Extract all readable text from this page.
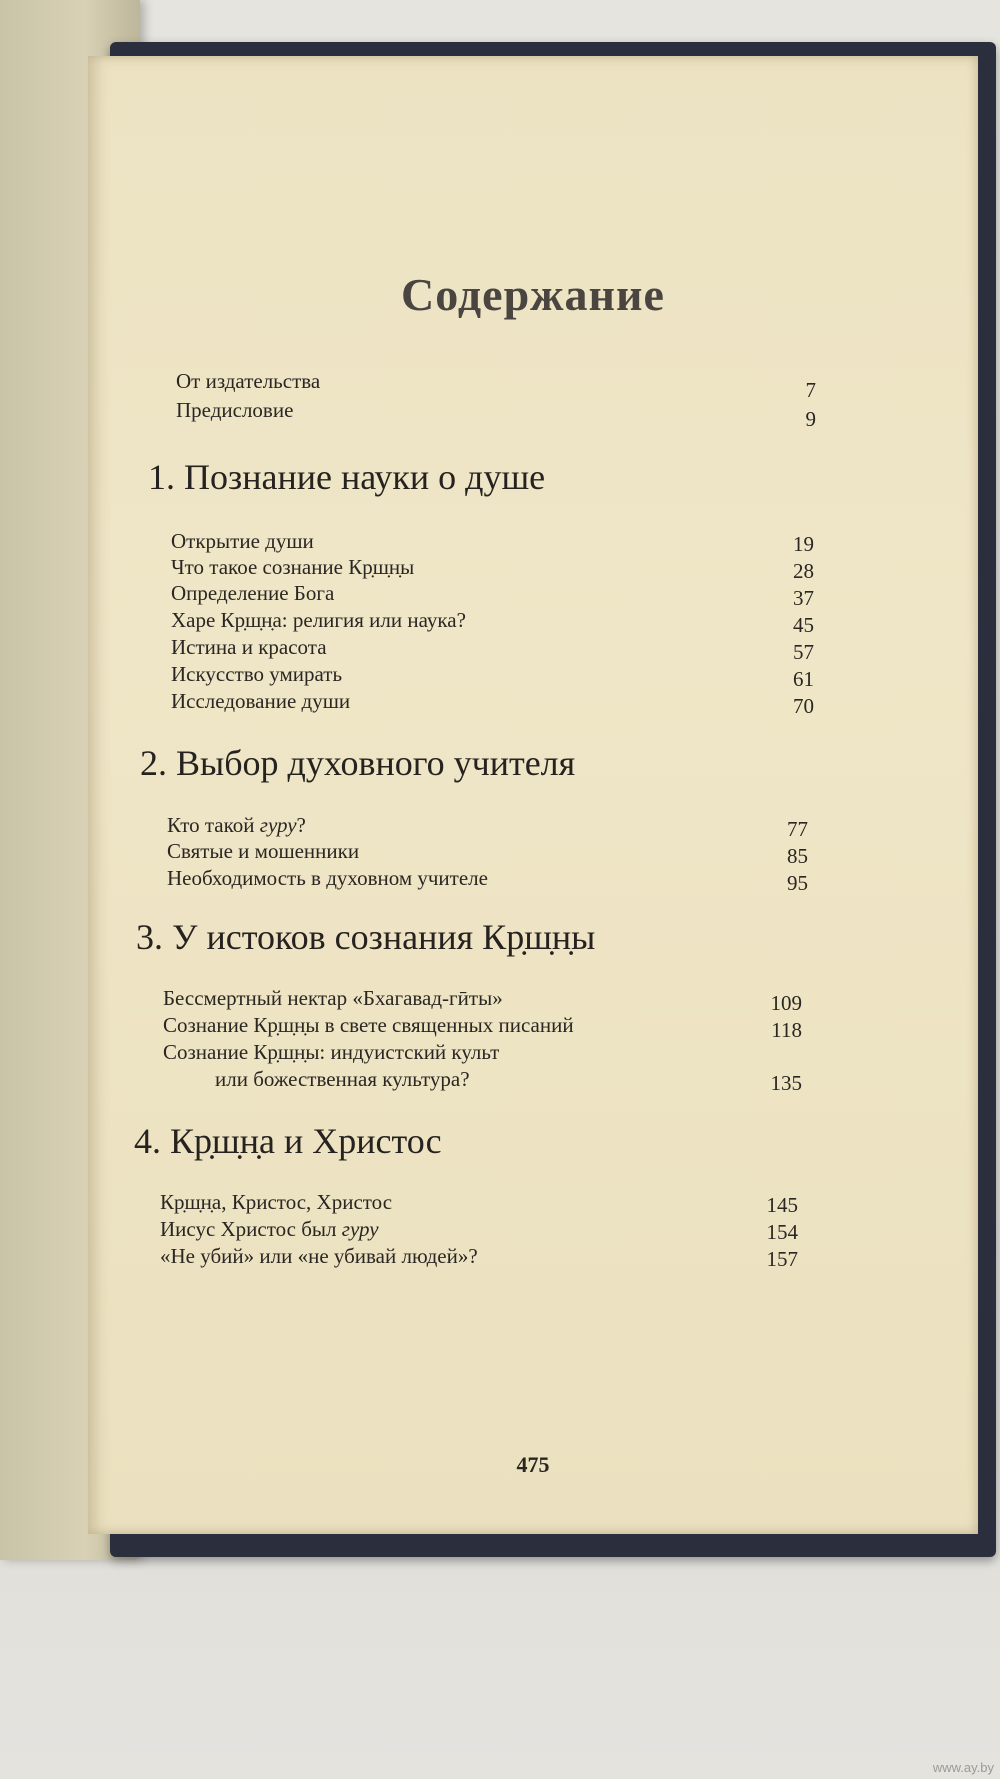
Содержание
От издательства	7
Предисловие	9
1. Познание науки о душе
Открытие души	19
Что такое сознание Кр̣ш̣н̣ы	28
Определение Бога	37
Харе Кр̣ш̣н̣а: религия или наука?	45
Истина и красота	57
Искусство умирать	61
Исследование души	70
2. Выбор духовного учителя
Кто такой гуру?	77
Святые и мошенники	85
Необходимость в духовном учителе	95
3. У истоков сознания Кр̣ш̣н̣ы
Бессмертный нектар «Бхагавад-гӣты»	109
Сознание Кр̣ш̣н̣ы в свете священных писаний	118
Сознание Кр̣ш̣н̣ы: индуистский культ
или божественная культура?	135
4. Кр̣ш̣н̣а и Христос
Кр̣ш̣н̣а, Кристос, Христос	145
Иисус Христос был гуру	154
«Не убий» или «не убивай людей»?	157
475
www.ay.by
